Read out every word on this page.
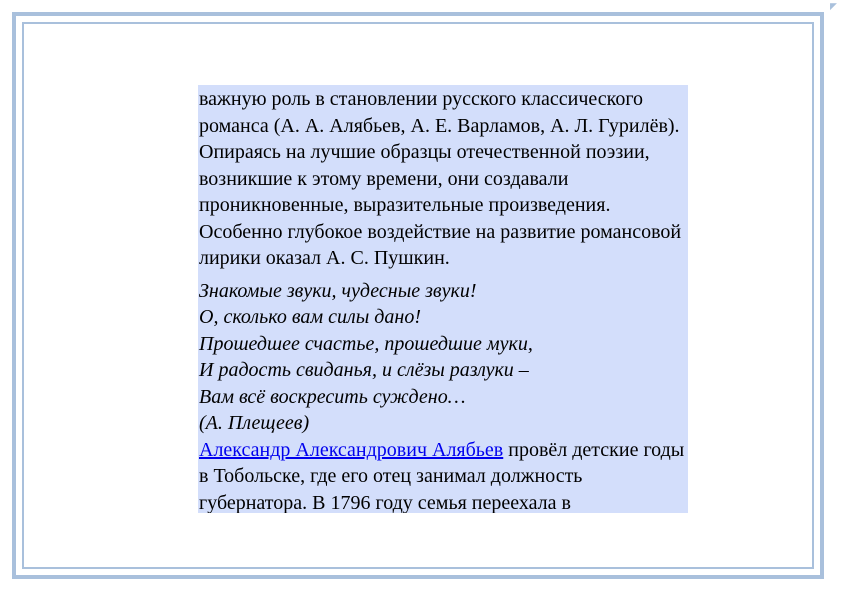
◤

важную роль в становлении русского классического романса (А. А. Алябьев, А. Е. Варламов, А. Л. Гурилёв). Опираясь на лучшие образцы отечественной поэзии, возникшие к этому времени, они создавали проникновенные, выразительные произведения. Особенно глубокое воздействие на развитие романсовой лирики оказал А. С. Пушкин.

Знакомые звуки, чудесные звуки!
О, сколько вам силы дано!
Прошедшее счастье, прошедшие муки,
И радость свиданья, и слёзы разлуки –
Вам всё воскресить суждено…
(А. Плещеев)

Александр Александрович Алябьев провёл детские годы в Тобольске, где его отец занимал должность губернатора. В 1796 году семья переехала в
